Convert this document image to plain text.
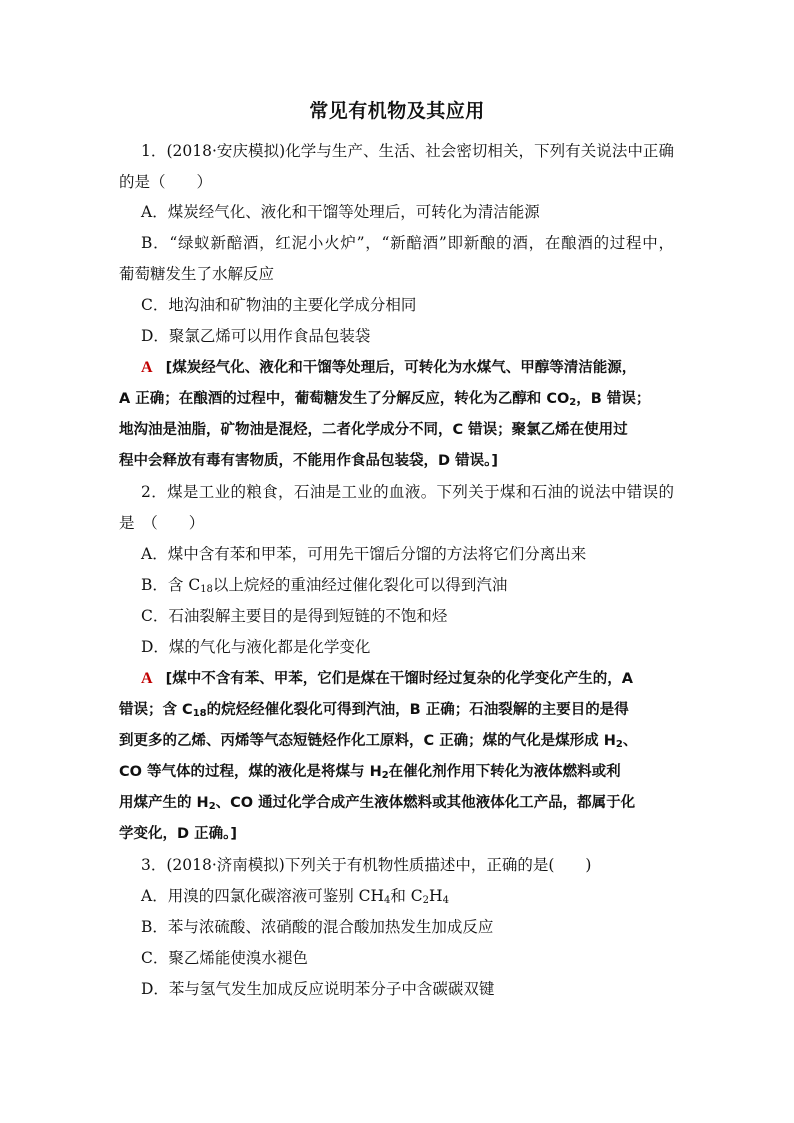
常见有机物及其应用
1．(2018·安庆模拟)化学与生产、生活、社会密切相关，下列有关说法中正确
的是（　　）
A．煤炭经气化、液化和干馏等处理后，可转化为清洁能源
B．“绿蚁新醅酒，红泥小火炉”，“新醅酒”即新酿的酒，在酿酒的过程中，
葡萄糖发生了水解反应
C．地沟油和矿物油的主要化学成分相同
D．聚氯乙烯可以用作食品包装袋
A [煤炭经气化、液化和干馏等处理后，可转化为水煤气、甲醇等清洁能源，
A 正确；在酿酒的过程中，葡萄糖发生了分解反应，转化为乙醇和 $CO_2$，B 错误；
地沟油是油脂，矿物油是混烃，二者化学成分不同，C 错误；聚氯乙烯在使用过
程中会释放有毒有害物质，不能用作食品包装袋，D 错误。]
2．煤是工业的粮食，石油是工业的血液。下列关于煤和石油的说法中错误的
是　（　　）
A．煤中含有苯和甲苯，可用先干馏后分馏的方法将它们分离出来
B．含 $C_{18}$以上烷烃的重油经过催化裂化可以得到汽油
C．石油裂解主要目的是得到短链的不饱和烃
D．煤的气化与液化都是化学变化
A [煤中不含有苯、甲苯，它们是煤在干馏时经过复杂的化学变化产生的，A
错误；含 $C_{18}$的烷烃经催化裂化可得到汽油，B 正确；石油裂解的主要目的是得
到更多的乙烯、丙烯等气态短链烃作化工原料，C 正确；煤的气化是煤形成 $H_2$、
CO 等气体的过程，煤的液化是将煤与 $H_2$在催化剂作用下转化为液体燃料或利
用煤产生的 $H_2$、CO 通过化学合成产生液体燃料或其他液体化工产品，都属于化
学变化，D 正确。]
3．(2018·济南模拟)下列关于有机物性质描述中，正确的是(　　)
A．用溴的四氯化碳溶液可鉴别 $CH_4$和 $C_2H_4$
B．苯与浓硫酸、浓硝酸的混合酸加热发生加成反应
C．聚乙烯能使溴水褪色
D．苯与氢气发生加成反应说明苯分子中含碳碳双键
